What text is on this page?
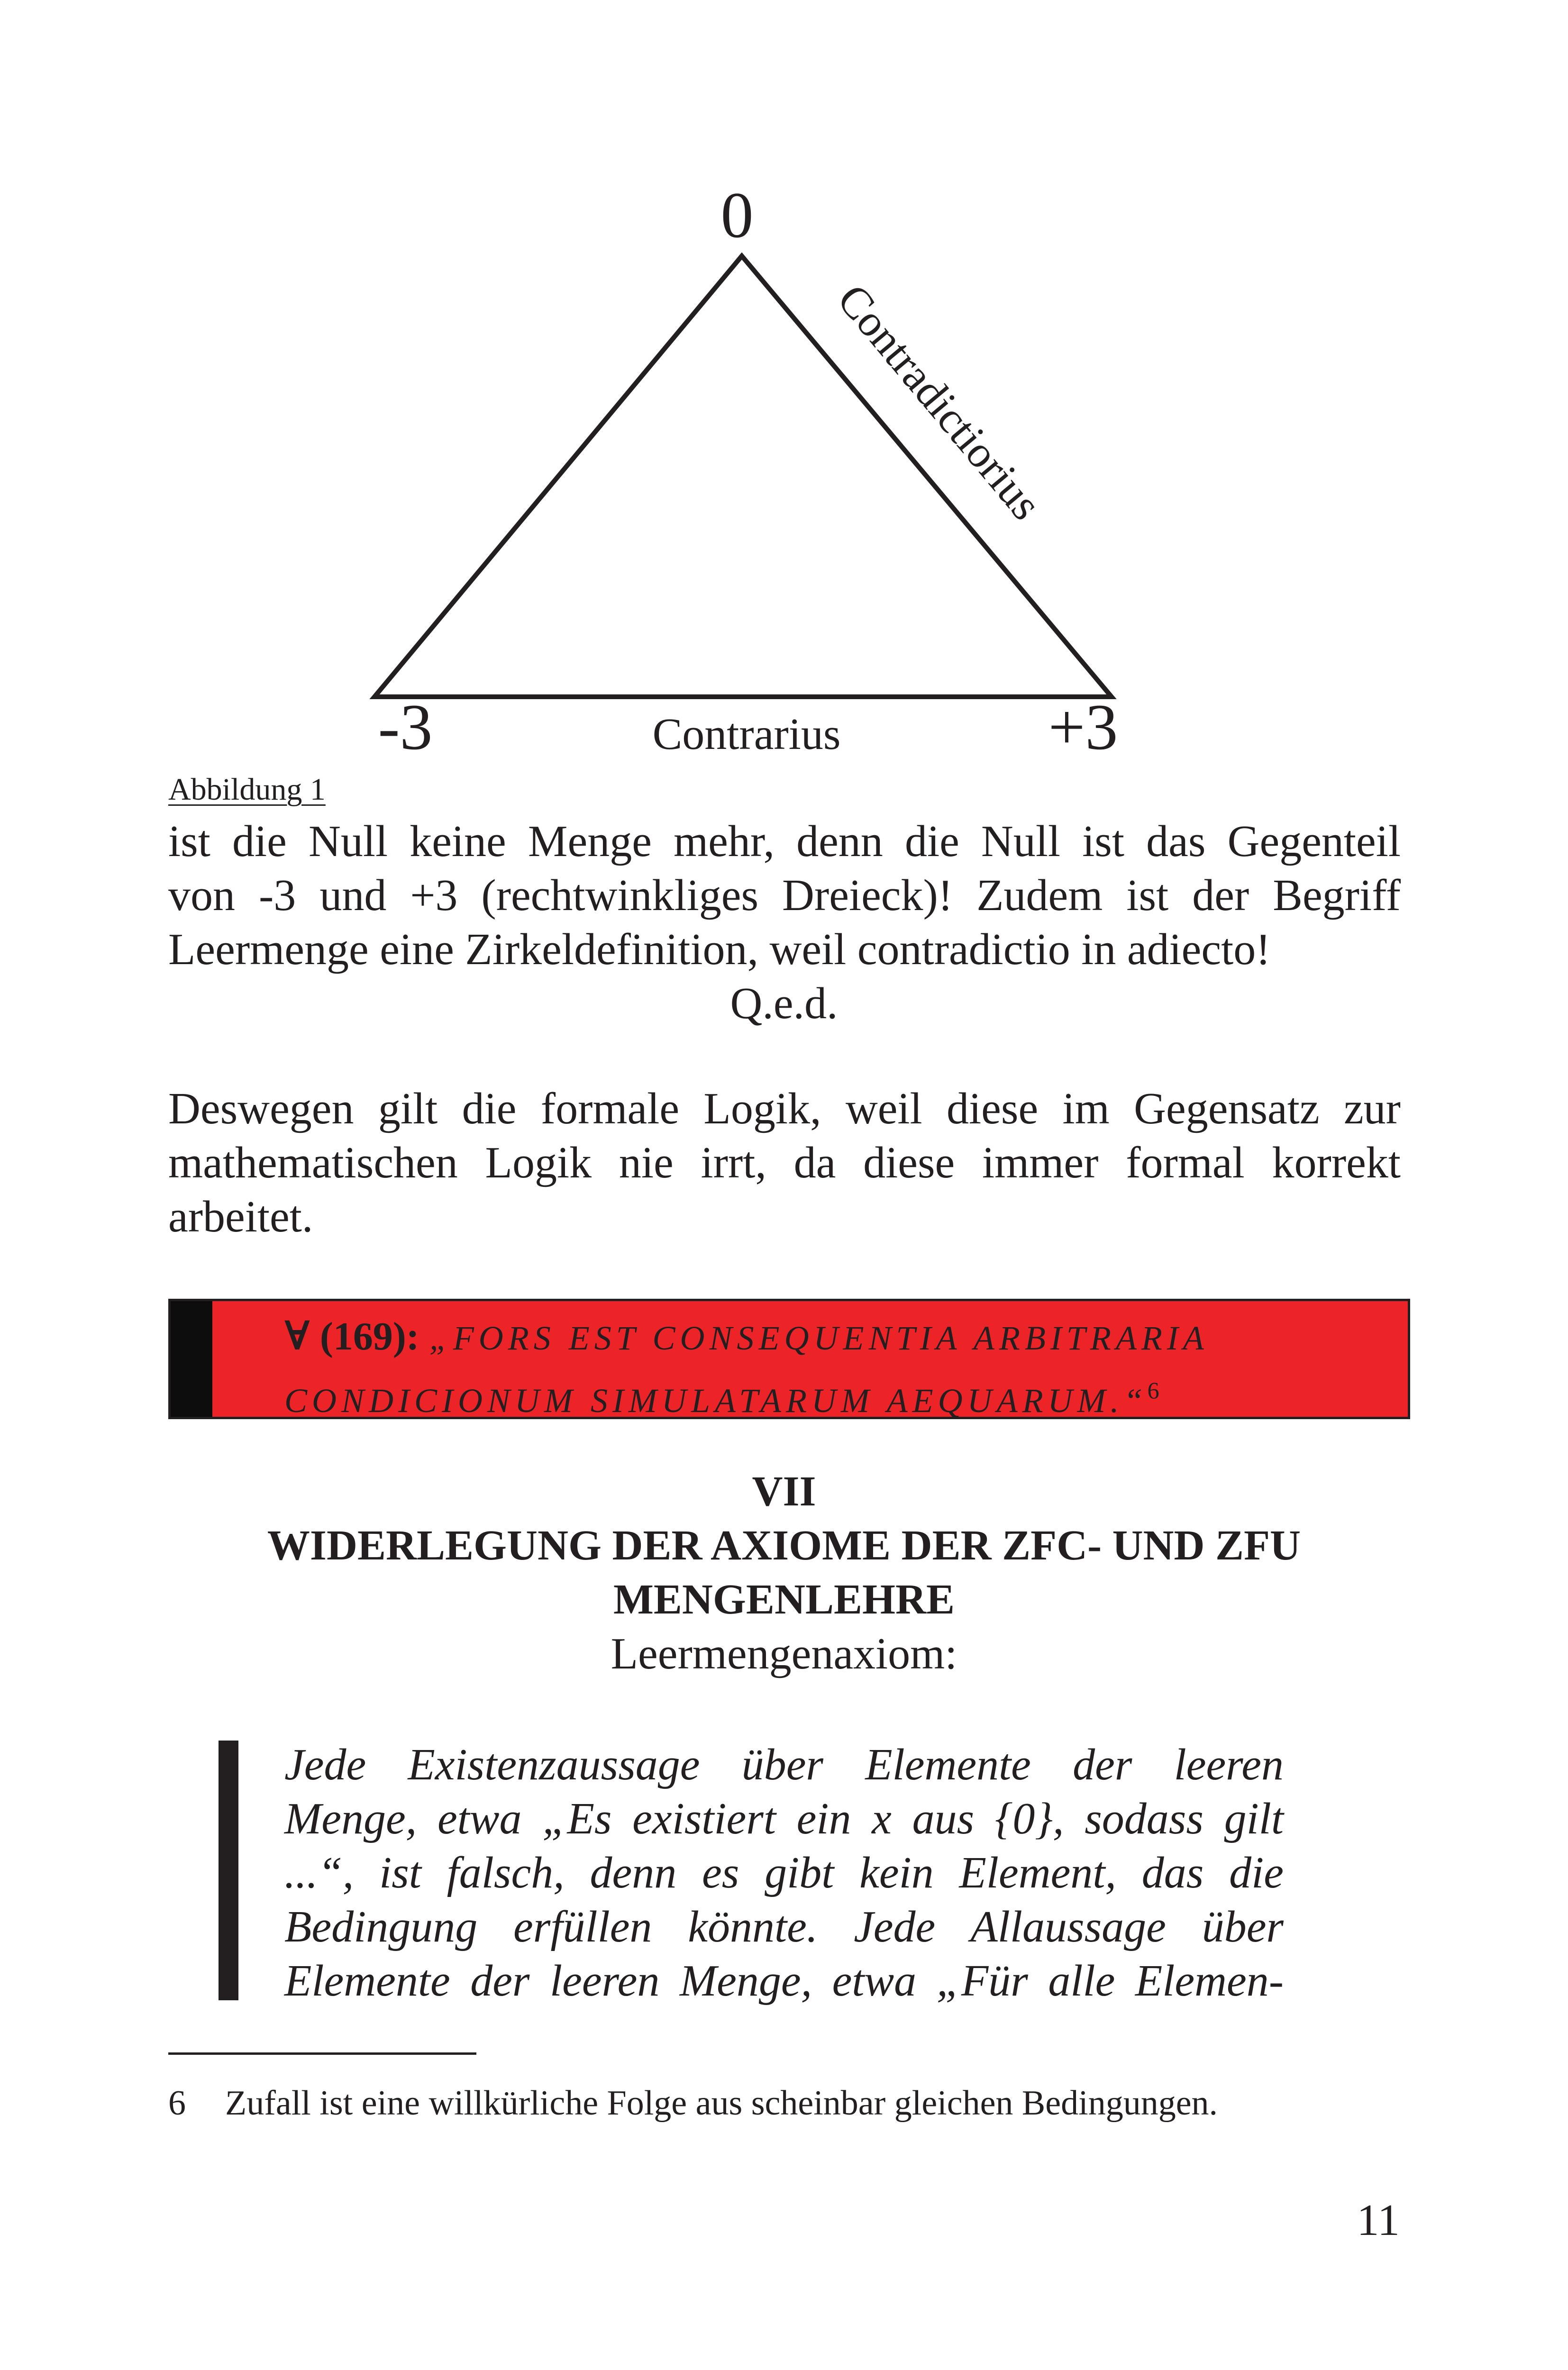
0
-3	+3
Contrarius
Contradictiorius
Abbildung 1
ist die Null keine Menge mehr, denn die Null ist das Gegenteil
von -3 und +3 (rechtwinkliges Dreieck)! Zudem ist der Begriff
Leermenge eine Zirkeldefinition, weil contradictio in adiecto!
Q.e.d.
Deswegen gilt die formale Logik, weil diese im Gegensatz zur
mathematischen Logik nie irrt, da diese immer formal korrekt
arbeitet.
∀ (169): „FORS EST CONSEQUENTIA ARBITRARIA
CONDICIONUM SIMULATARUM AEQUARUM.“$^6$
VII
WIDERLEGUNG DER AXIOME DER ZFC- UND ZFU
MENGENLEHRE
Leermengenaxiom:
Jede Existenzaussage über Elemente der leeren
Menge, etwa „Es existiert ein x aus {0}, sodass gilt
...“, ist falsch, denn es gibt kein Element, das die
Bedingung erfüllen könnte. Jede Allaussage über
Elemente der leeren Menge, etwa „Für alle Elemen-
6 Zufall ist eine willkürliche Folge aus scheinbar gleichen Bedingungen.
11
